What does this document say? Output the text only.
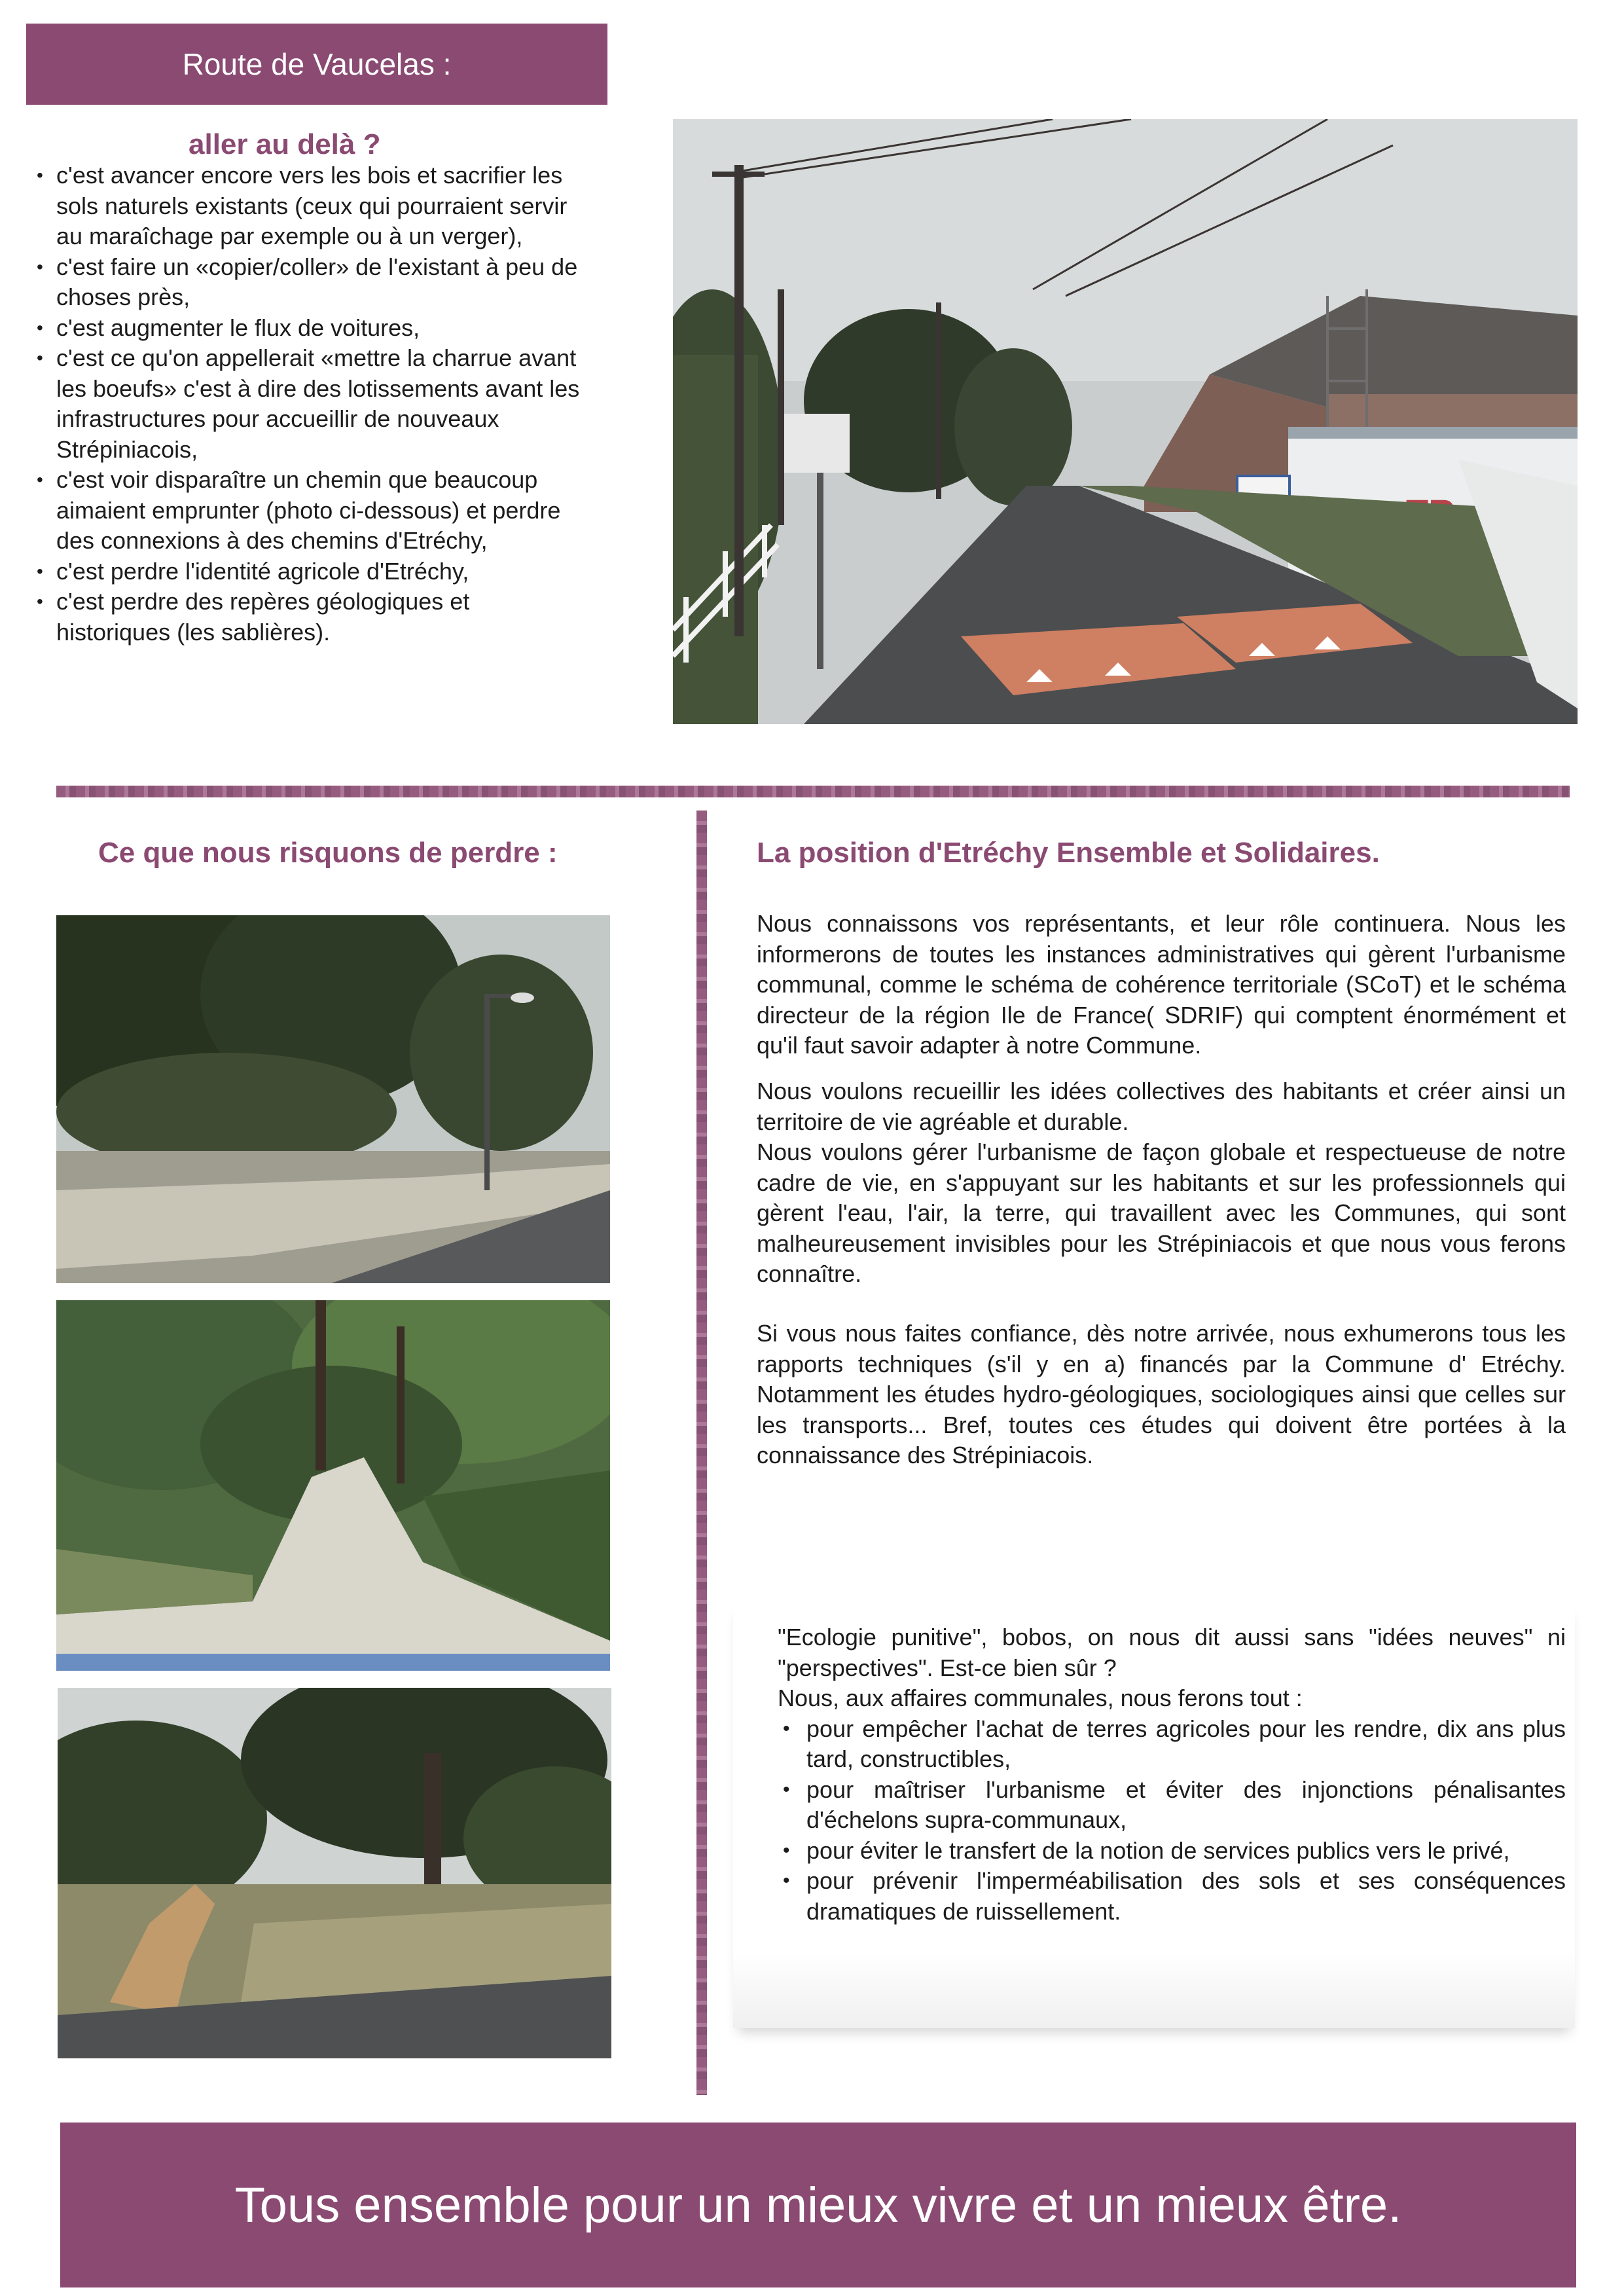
Route de Vaucelas :
aller au delà ?
• c'est avancer encore vers les bois et sacrifier les sols naturels existants (ceux qui pourraient servir au maraîchage par exemple ou à un verger),
• c'est faire un «copier/coller» de l'existant à peu de choses près,
• c'est augmenter le flux de voitures,
• c'est ce qu'on appellerait «mettre la charrue avant les boeufs» c'est à dire des lotissements avant les infrastructures pour accueillir de nouveaux Strépiniacois,
• c'est voir disparaître un chemin que beaucoup aimaient emprunter (photo ci-dessous) et perdre des connexions à des chemins d'Etréchy,
• c'est perdre l'identité agricole d'Etréchy,
• c'est perdre des repères géologiques et historiques (les sablières).
Ce que nous risquons de perdre :	La position d'Etréchy Ensemble et Solidaires.

Nous connaissons vos représentants, et leur rôle continuera. Nous les informerons de toutes les instances administratives qui gèrent l'urbanisme communal, comme le schéma de cohérence territoriale (SCoT) et le schéma directeur de la région Ile de France( SDRIF) qui comptent énormément et qu'il faut savoir adapter à notre Commune.

Nous voulons recueillir les idées collectives des habitants et créer ainsi un territoire de vie agréable et durable.

Nous voulons gérer l'urbanisme de façon globale et respectueuse de notre cadre de vie, en s'appuyant sur les habitants et sur les professionnels qui gèrent l'eau, l'air, la terre, qui travaillent avec les Communes, qui sont malheureusement invisibles pour les Strépiniacois et que nous vous ferons connaître.

Si vous nous faites confiance, dès notre arrivée, nous exhumerons tous les rapports techniques (s'il y en a) financés par la Commune d' Etréchy. Notamment les études hydro-géologiques, sociologiques ainsi que celles sur les transports... Bref, toutes ces études qui doivent être portées à la connaissance des Strépiniacois.

"Ecologie punitive", bobos, on nous dit aussi sans "idées neuves" ni "perspectives". Est-ce bien sûr ?

Nous, aux affaires communales, nous ferons tout :

• pour empêcher l'achat de terres agricoles pour les rendre, dix ans plus tard, constructibles,
• pour maîtriser l'urbanisme et éviter des injonctions pénalisantes d'échelons supra-communaux,
• pour éviter le transfert de la notion de services publics vers le privé,
• pour prévenir l'imperméabilisation des sols et ses conséquences dramatiques de ruissellement.
Tous ensemble pour un mieux vivre et un mieux être.
